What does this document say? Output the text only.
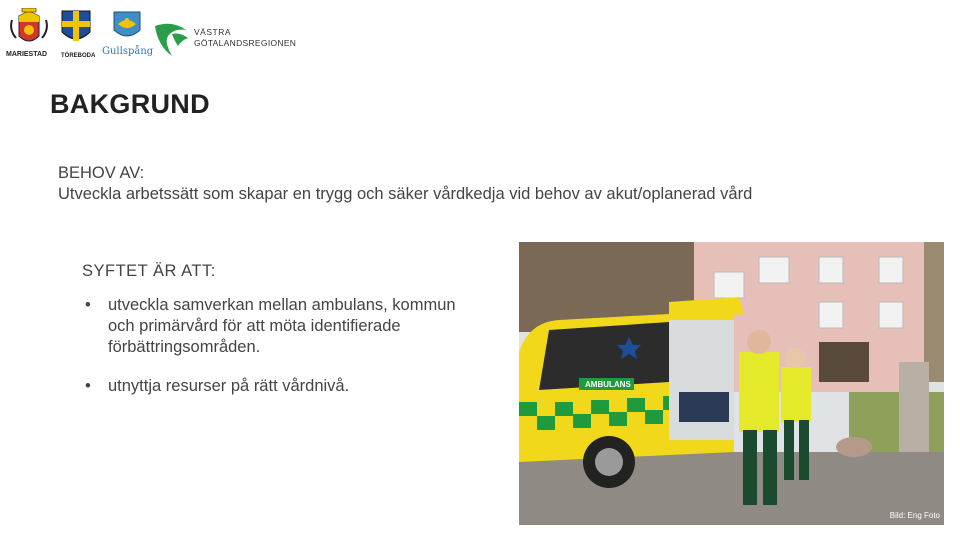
MARIESTAD TÖREBODA Gullspång
VÄSTRA
GÖTALANDSREGIONEN
BAKGRUND
BEHOV AV:
Utveckla arbetssätt som skapar en trygg och säker vårdkedja vid behov av akut/oplanerad vård
SYFTET ÄR ATT:
• utveckla samverkan mellan ambulans, kommun och primärvård för att möta identifierade förbättringsområden.
• utnyttja resurser på rätt vårdnivå.	AMBULANS
Bild: Eng Foto
